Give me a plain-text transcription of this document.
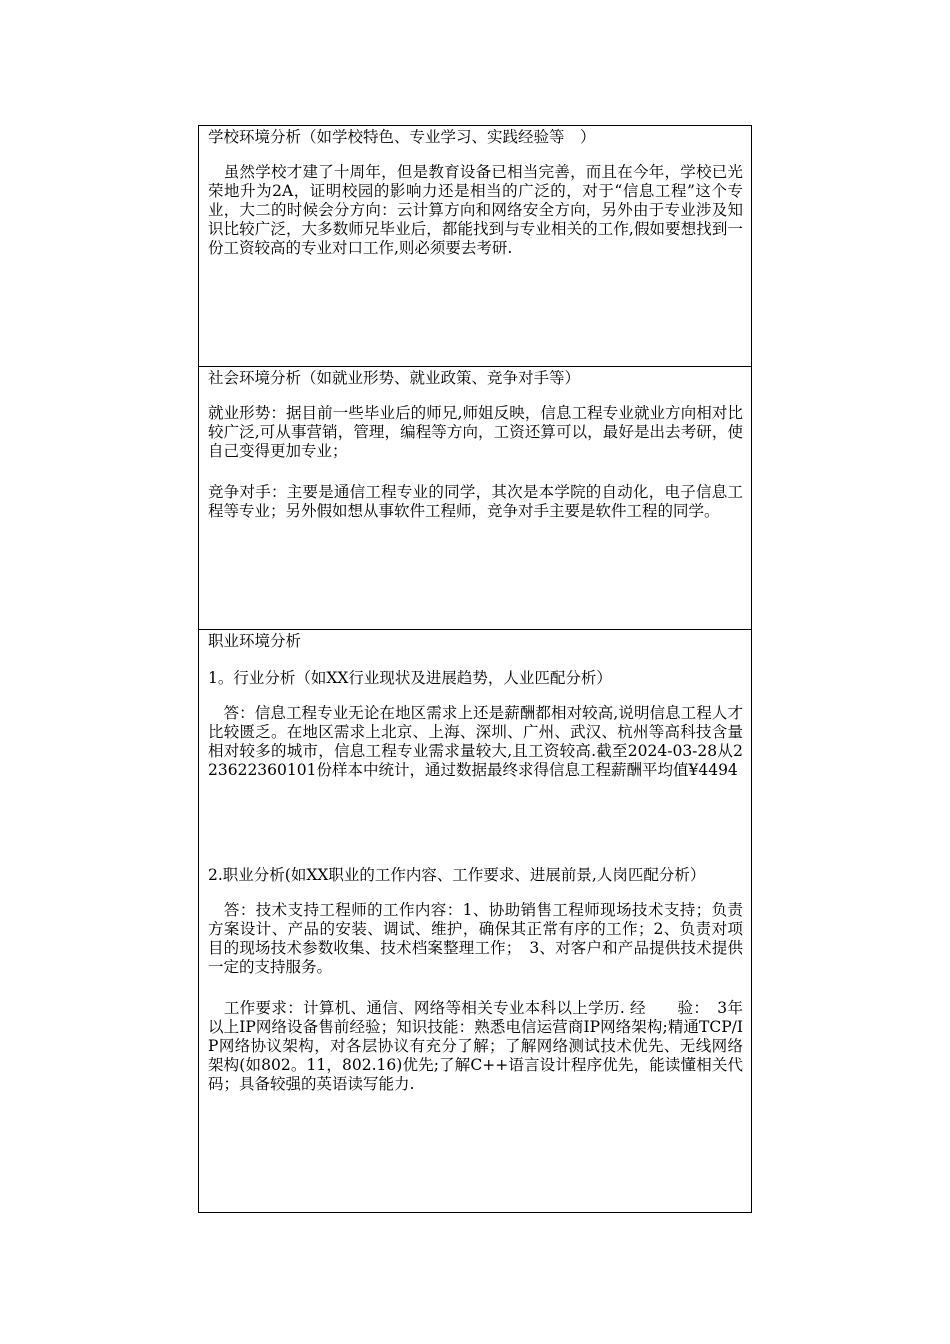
学校环境分析（如学校特色、专业学习、实践经验等　）

　虽然学校才建了十周年，但是教育设备已相当完善，而且在今年，学校已光荣地升为2A，证明校园的影响力还是相当的广泛的，对于“信息工程”这个专业，大二的时候会分方向：云计算方向和网络安全方向，另外由于专业涉及知识比较广泛，大多数师兄毕业后，都能找到与专业相关的工作,假如要想找到一份工资较高的专业对口工作,则必须要去考研.

社会环境分析（如就业形势、就业政策、竞争对手等）

就业形势：据目前一些毕业后的师兄,师姐反映，信息工程专业就业方向相对比较广泛,可从事营销，管理，编程等方向，工资还算可以，最好是出去考研，使自己变得更加专业；

竞争对手：主要是通信工程专业的同学，其次是本学院的自动化，电子信息工程等专业；另外假如想从事软件工程师，竞争对手主要是软件工程的同学。

职业环境分析

1。行业分析（如XX行业现状及进展趋势，人业匹配分析）

　答：信息工程专业无论在地区需求上还是薪酬都相对较高,说明信息工程人才比较匮乏。在地区需求上北京、上海、深圳、广州、武汉、杭州等高科技含量相对较多的城市，信息工程专业需求量较大,且工资较高.截至2024-03-28从223622360101份样本中统计，通过数据最终求得信息工程薪酬平均值¥4494

2.职业分析(如XX职业的工作内容、工作要求、进展前景,人岗匹配分析）

　答：技术支持工程师的工作内容：1、协助销售工程师现场技术支持；负责方案设计、产品的安装、调试、维护，确保其正常有序的工作；2、负责对项目的现场技术参数收集、技术档案整理工作；　3、对客户和产品提供技术提供一定的支持服务。

　工作要求：计算机、通信、网络等相关专业本科以上学历. 经　　验：　3年以上IP网络设备售前经验；知识技能：熟悉电信运营商IP网络架构;精通TCP/IP网络协议架构，对各层协议有充分了解；了解网络测试技术优先、无线网络架构(如802。11，802.16)优先;了解C++语言设计程序优先，能读懂相关代码；具备较强的英语读写能力.
